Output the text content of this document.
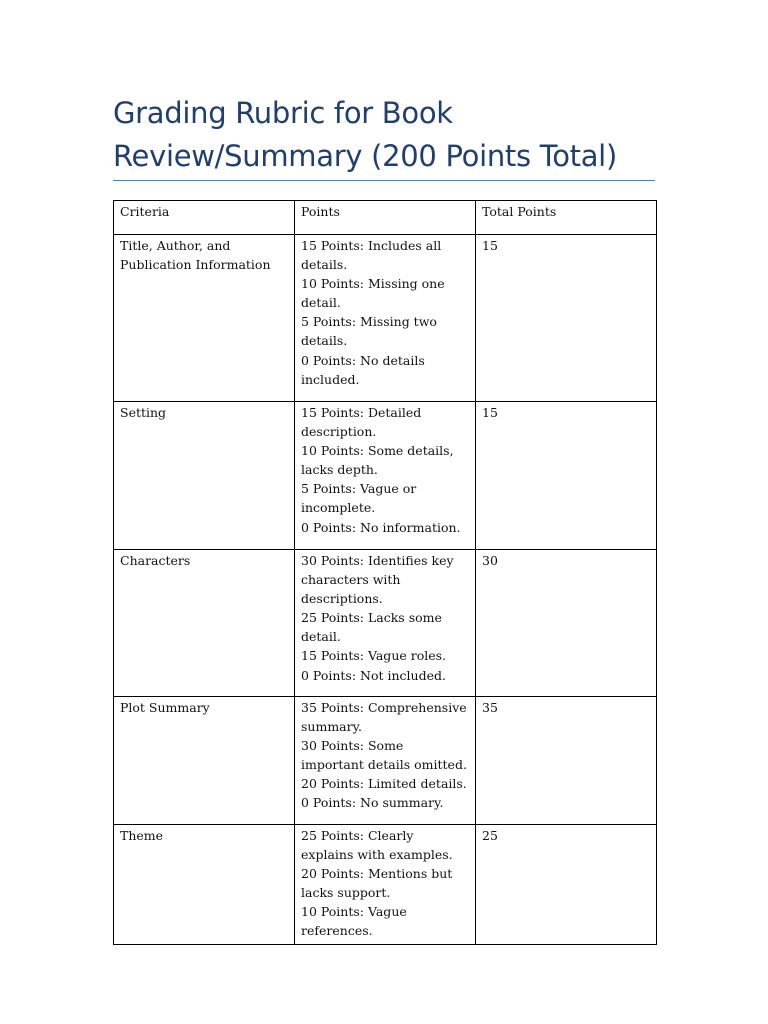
Grading Rubric for Book Review/Summary (200 Points Total)
Criteria	Points	Total Points
Title, Author, and Publication Information	15 Points: Includes all details.
10 Points: Missing one detail.
5 Points: Missing two details.
0 Points: No details included.	15
Setting	15 Points: Detailed description.
10 Points: Some details, lacks depth.
5 Points: Vague or incomplete.
0 Points: No information.	15
Characters	30 Points: Identifies key characters with descriptions.
25 Points: Lacks some detail.
15 Points: Vague roles.
0 Points: Not included.	30
Plot Summary	35 Points: Comprehensive summary.
30 Points: Some important details omitted.
20 Points: Limited details.
0 Points: No summary.	35
Theme	25 Points: Clearly explains with examples.
20 Points: Mentions but lacks support.
10 Points: Vague references.	25
